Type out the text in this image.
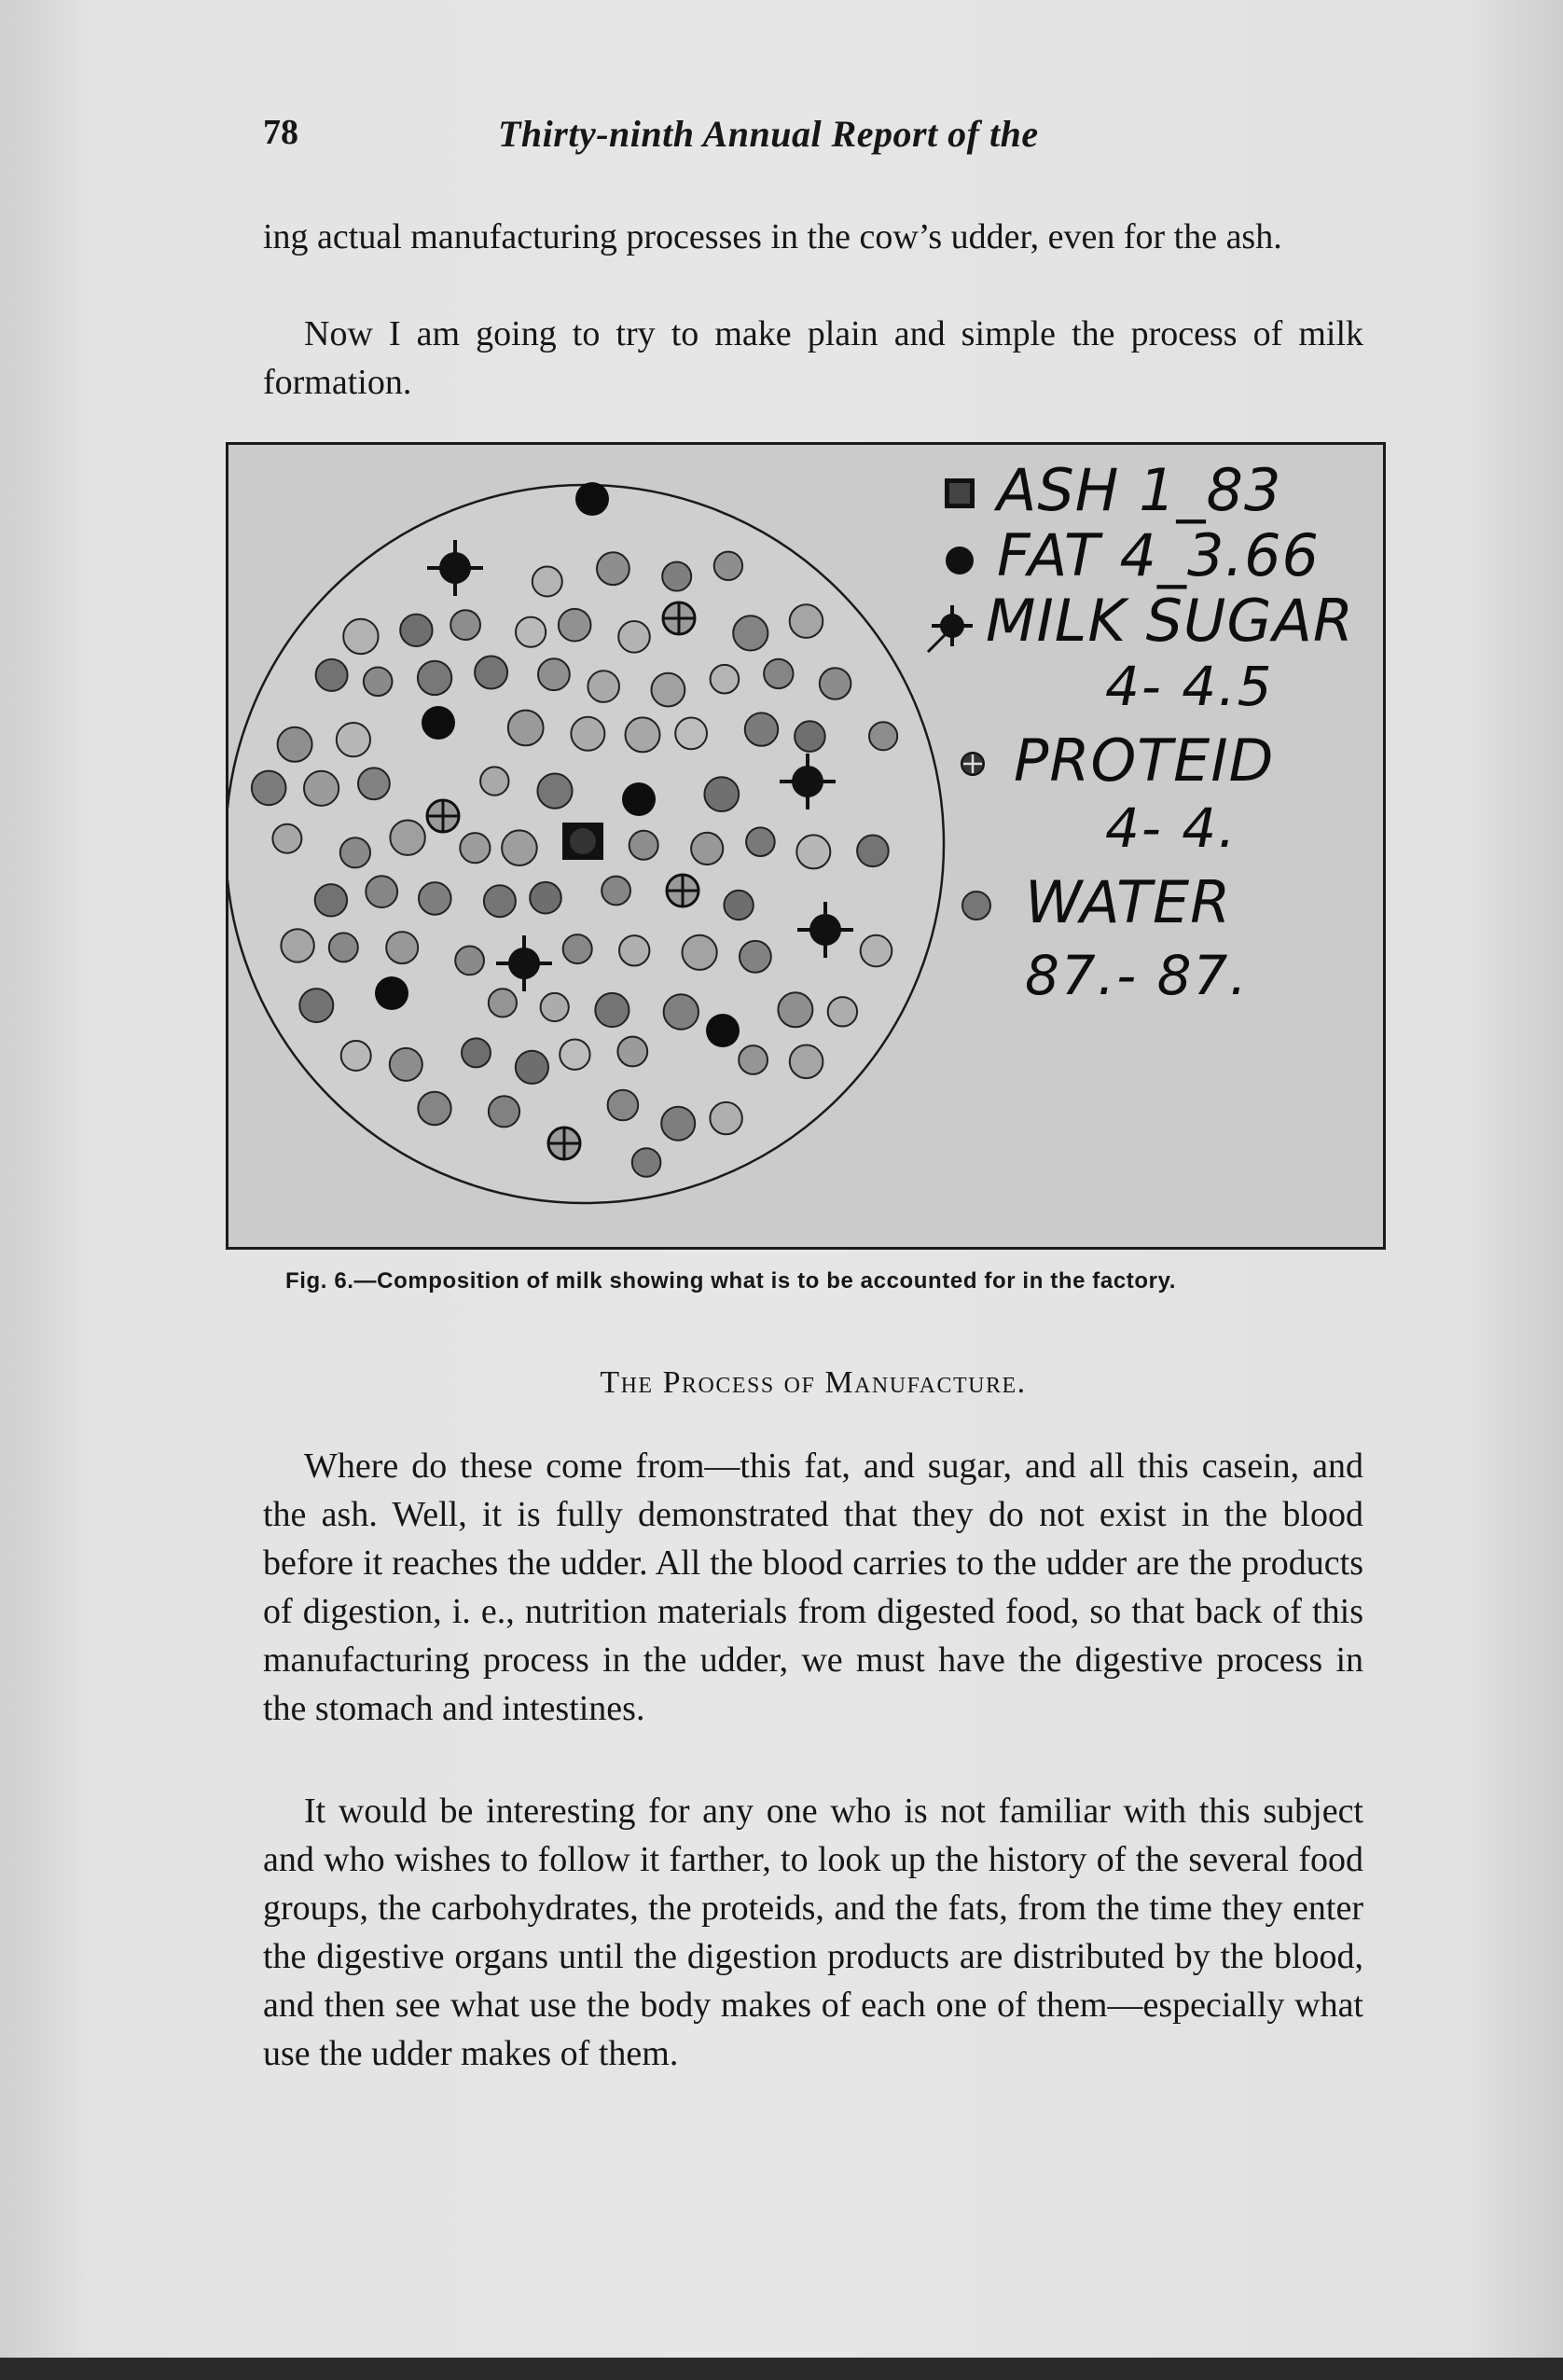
78	Thirty-ninth Annual Report of the

ing actual manufacturing processes in the cow’s udder, even for the ash.

Now I am going to try to make plain and simple the process of milk formation.

ASH 1_83
FAT 4_3.66
MILK SUGAR
4- 4.5
PROTEID
4- 4.
WATER
87.- 87.
Fig. 6.—Composition of milk showing what is to be accounted for in the factory.
The Process of Manufacture.

Where do these come from—this fat, and sugar, and all this casein, and the ash. Well, it is fully demonstrated that they do not exist in the blood before it reaches the udder. All the blood carries to the udder are the products of digestion, i. e., nutrition materials from digested food, so that back of this manufacturing process in the udder, we must have the digestive process in the stomach and intestines.

It would be interesting for any one who is not familiar with this subject and who wishes to follow it farther, to look up the history of the several food groups, the carbohydrates, the proteids, and the fats, from the time they enter the digestive organs until the digestion products are distributed by the blood, and then see what use the body makes of each one of them—especially what use the udder makes of them.
